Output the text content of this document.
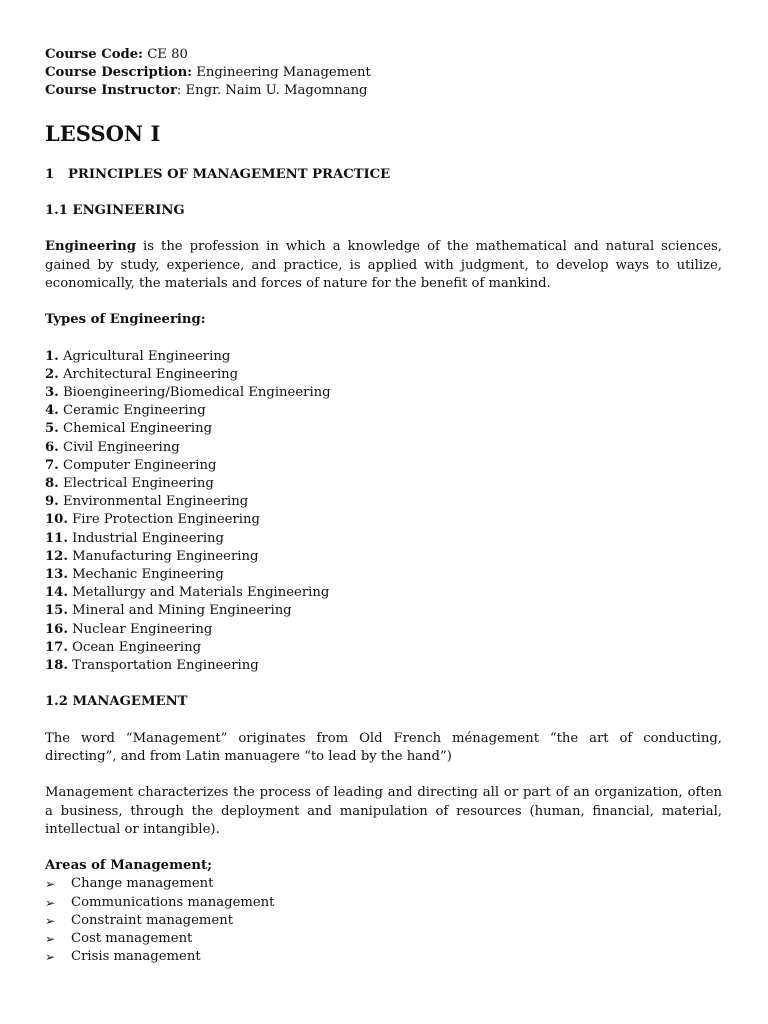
Course Code: CE 80
Course Description: Engineering Management
Course Instructor: Engr. Naim U. Magomnang
LESSON I
1 PRINCIPLES OF MANAGEMENT PRACTICE
1.1 ENGINEERING
Engineering is the profession in which a knowledge of the mathematical and natural sciences, gained by study, experience, and practice, is applied with judgment, to develop ways to utilize, economically, the materials and forces of nature for the benefit of mankind.
Types of Engineering:
1. Agricultural Engineering
2. Architectural Engineering
3. Bioengineering/Biomedical Engineering
4. Ceramic Engineering
5. Chemical Engineering
6. Civil Engineering
7. Computer Engineering
8. Electrical Engineering
9. Environmental Engineering
10. Fire Protection Engineering
11. Industrial Engineering
12. Manufacturing Engineering
13. Mechanic Engineering
14. Metallurgy and Materials Engineering
15. Mineral and Mining Engineering
16. Nuclear Engineering
17. Ocean Engineering
18. Transportation Engineering
1.2 MANAGEMENT
The word “Management” originates from Old French ménagement “the art of conducting, directing”, and from Latin manuagere “to lead by the hand”)
Management characterizes the process of leading and directing all or part of an organization, often a business, through the deployment and manipulation of resources (human, financial, material, intellectual or intangible).
Areas of Management;
➢ Change management
➢ Communications management
➢ Constraint management
➢ Cost management
➢ Crisis management
